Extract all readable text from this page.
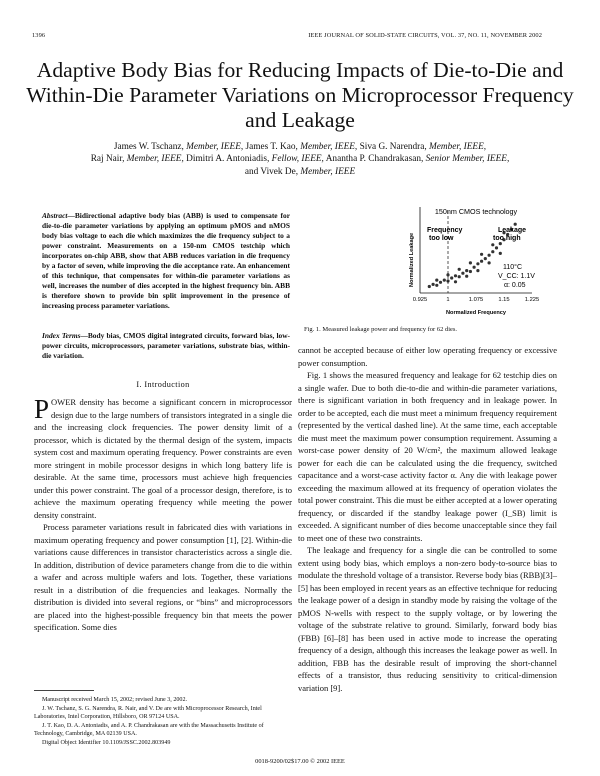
1396	IEEE JOURNAL OF SOLID-STATE CIRCUITS, VOL. 37, NO. 11, NOVEMBER 2002
Adaptive Body Bias for Reducing Impacts of Die-to-Die and Within-Die Parameter Variations on Microprocessor Frequency and Leakage
James W. Tschanz, Member, IEEE, James T. Kao, Member, IEEE, Siva G. Narendra, Member, IEEE,
Raj Nair, Member, IEEE, Dimitri A. Antoniadis, Fellow, IEEE, Anantha P. Chandrakasan, Senior Member, IEEE,
and Vivek De, Member, IEEE
Abstract—Bidirectional adaptive body bias (ABB) is used to compensate for die-to-die parameter variations by applying an optimum pMOS and nMOS body bias voltage to each die which maximizes the die frequency subject to a power constraint. Measurements on a 150-nm CMOS testchip which incorporates on-chip ABB, show that ABB reduces variation in die frequency by a factor of seven, while improving the die acceptance rate. An enhancement of this technique, that compensates for within-die parameter variations as well, increases the number of dies accepted in the highest frequency bin. ABB is therefore shown to provide bin split improvement in the presence of increasing process parameter variations.
Index Terms—Body bias, CMOS digital integrated circuits, forward bias, low-power circuits, microprocessors, parameter variations, substrate bias, within-die variation.
I. Introduction

POWER density has become a significant concern in microprocessor design due to the large numbers of transistors integrated in a single die and the increasing clock frequencies. The power density limit of a processor, which is dictated by the thermal design of the system, impacts system cost and maximum operating frequency. Power constraints are even more stringent in mobile processor designs in which long battery life is desirable. At the same time, processors must achieve high frequencies under this power constraint. The goal of a processor design, therefore, is to achieve the maximum operating frequency while meeting the power density constraint.

Process parameter variations result in fabricated dies with variations in maximum operating frequency and power consumption [1], [2]. Within-die variations cause differences in transistor characteristics across a single die. In addition, distribution of device parameters change from die to die within a wafer and across multiple wafers and lots. Together, these variations result in a distribution of die frequencies and leakages. Normally the distribution is divided into several regions, or “bins” and microprocessors are placed into the highest-possible frequency bin that meets the power specification. Some dies

Manuscript received March 15, 2002; revised June 3, 2002.

J. W. Tschanz, S. G. Narendra, R. Nair, and V. De are with Microprocessor Research, Intel Laboratories, Intel Corporation, Hillsboro, OR 97124 USA.

J. T. Kao, D. A. Antoniadis, and A. P. Chandrakasan are with the Massachusetts Institute of Technology, Cambridge, MA 02139 USA.

Digital Object Identifier 10.1109/JSSC.2002.803949

150nm CMOS technology
Frequency
too low
Leakage
too high
110°C
V_CC: 1.1V
α: 0.05
0.925	1	1.075	1.15	1.225
Normalized Frequency
Normalized Leakage
Fig. 1. Measured leakage power and frequency for 62 dies.

cannot be accepted because of either low operating frequency or excessive power consumption.

Fig. 1 shows the measured frequency and leakage for 62 testchip dies on a single wafer. Due to both die-to-die and within-die parameter variations, there is significant variation in both frequency and in leakage power. In order to be accepted, each die must meet a minimum frequency requirement (represented by the vertical dashed line). At the same time, each acceptable die must meet the maximum power consumption requirement. Assuming a worst-case power density of 20 W/cm², the maximum allowed leakage power for each die can be calculated using the die frequency, switched capacitance and a worst-case activity factor α. Any die with leakage power exceeding the maximum allowed at its frequency of operation violates the total power constraint. This die must be either accepted at a lower operating frequency, or discarded if the standby leakage power (I_SB) limit is exceeded. A significant number of dies become unacceptable since they fail to meet one of these two constraints.

The leakage and frequency for a single die can be controlled to some extent using body bias, which employs a non-zero body-to-source bias to modulate the threshold voltage of a transistor. Reverse body bias (RBB)[3]–[5] has been employed in recent years as an effective technique for reducing the leakage power of a design in standby mode by raising the voltage of the pMOS N-wells with respect to the supply voltage, or by lowering the voltage of the substrate relative to ground. Similarly, forward body bias (FBB) [6]–[8] has been used in active mode to increase the operating frequency of a design, although this increases the leakage power as well. In addition, FBB has the desirable result of improving the short-channel effects of a transistor, thus reducing sensitivity to critical-dimension variation [9].

0018-9200/02$17.00 © 2002 IEEE
